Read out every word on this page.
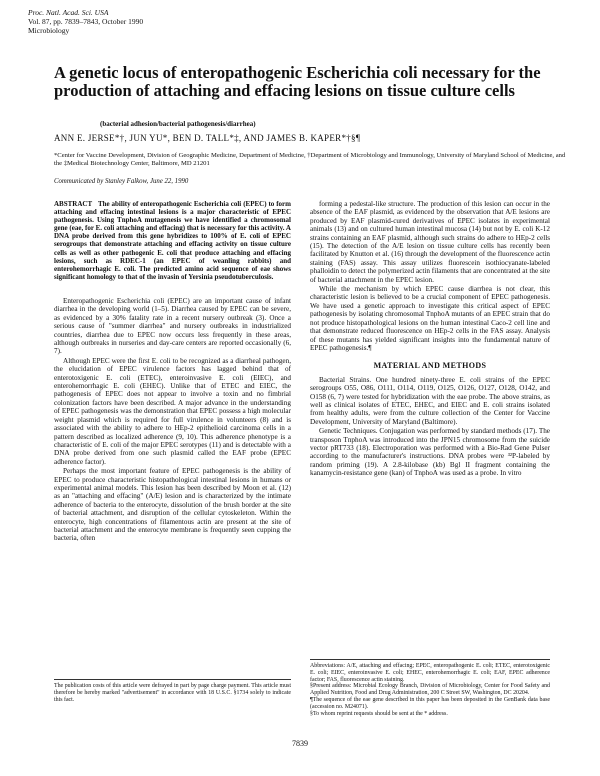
Proc. Natl. Acad. Sci. USA
Vol. 87, pp. 7839–7843, October 1990
Microbiology
A genetic locus of enteropathogenic Escherichia coli necessary for the production of attaching and effacing lesions on tissue culture cells
(bacterial adhesion/bacterial pathogenesis/diarrhea)
ANN E. JERSE*†, JUN YU*, BEN D. TALL*‡, AND JAMES B. KAPER*†§¶
*Center for Vaccine Development, Division of Geographic Medicine, Department of Medicine, †Department of Microbiology and Immunology, University of Maryland School of Medicine, and the ‡Medical Biotechnology Center, Baltimore, MD 21201
Communicated by Stanley Falkow, June 22, 1990

ABSTRACT The ability of enteropathogenic Escherichia coli (EPEC) to form attaching and effacing intestinal lesions is a major characteristic of EPEC pathogenesis. Using TnphoA mutagenesis we have identified a chromosomal gene (eae, for E. coli attaching and effacing) that is necessary for this activity. A DNA probe derived from this gene hybridizes to 100% of E. coli of EPEC serogroups that demonstrate attaching and effacing activity on tissue culture cells as well as other pathogenic E. coli that produce attaching and effacing lesions, such as RDEC-1 (an EPEC of weanling rabbits) and enterohemorrhagic E. coli. The predicted amino acid sequence of eae shows significant homology to that of the invasin of Yersinia pseudotuberculosis.

Enteropathogenic Escherichia coli (EPEC) are an important cause of infant diarrhea in the developing world (1–5). Diarrhea caused by EPEC can be severe, as evidenced by a 30% fatality rate in a recent nursery outbreak (3). Once a serious cause of "summer diarrhea" and nursery outbreaks in industrialized countries, diarrhea due to EPEC now occurs less frequently in these areas, although outbreaks in nurseries and day-care centers are reported occasionally (6, 7).

Although EPEC were the first E. coli to be recognized as a diarrheal pathogen, the elucidation of EPEC virulence factors has lagged behind that of enterotoxigenic E. coli (ETEC), enteroinvasive E. coli (EIEC), and enterohemorrhagic E. coli (EHEC). Unlike that of ETEC and EIEC, the pathogenesis of EPEC does not appear to involve a toxin and no fimbrial colonization factors have been described. A major advance in the understanding of EPEC pathogenesis was the demonstration that EPEC possess a high molecular weight plasmid which is required for full virulence in volunteers (8) and is associated with the ability to adhere to HEp-2 epithelioid carcinoma cells in a pattern described as localized adherence (9, 10). This adherence phenotype is a characteristic of E. coli of the major EPEC serotypes (11) and is detectable with a DNA probe derived from one such plasmid called the EAF probe (EPEC adherence factor).

Perhaps the most important feature of EPEC pathogenesis is the ability of EPEC to produce characteristic histopathological intestinal lesions in humans or experimental animal models. This lesion has been described by Moon et al. (12) as an "attaching and effacing" (A/E) lesion and is characterized by the intimate adherence of bacteria to the enterocyte, dissolution of the brush border at the site of bacterial attachment, and disruption of the cellular cytoskeleton. Within the enterocyte, high concentrations of filamentous actin are present at the site of bacterial attachment and the enterocyte membrane is frequently seen cupping the bacteria, often

forming a pedestal-like structure. The production of this lesion can occur in the absence of the EAF plasmid, as evidenced by the observation that A/E lesions are produced by EAF plasmid-cured derivatives of EPEC isolates in experimental animals (13) and on cultured human intestinal mucosa (14) but not by E. coli K-12 strains containing an EAF plasmid, although such strains do adhere to HEp-2 cells (15). The detection of the A/E lesion on tissue culture cells has recently been facilitated by Knutton et al. (16) through the development of the fluorescence actin staining (FAS) assay. This assay utilizes fluorescein isothiocyanate-labeled phalloidin to detect the polymerized actin filaments that are concentrated at the site of bacterial attachment in the EPEC lesion.

While the mechanism by which EPEC cause diarrhea is not clear, this characteristic lesion is believed to be a crucial component of EPEC pathogenesis. We have used a genetic approach to investigate this critical aspect of EPEC pathogenesis by isolating chromosomal TnphoA mutants of an EPEC strain that do not produce histopathological lesions on the human intestinal Caco-2 cell line and that demonstrate reduced fluorescence on HEp-2 cells in the FAS assay. Analysis of these mutants has yielded significant insights into the fundamental nature of EPEC pathogenesis.¶

MATERIAL AND METHODS

Bacterial Strains. One hundred ninety-three E. coli strains of the EPEC serogroups O55, O86, O111, O114, O119, O125, O126, O127, O128, O142, and O158 (6, 7) were tested for hybridization with the eae probe. The above strains, as well as clinical isolates of ETEC, EHEC, and EIEC and E. coli strains isolated from healthy adults, were from the culture collection of the Center for Vaccine Development, University of Maryland (Baltimore).

Genetic Techniques. Conjugation was performed by standard methods (17). The transposon TnphoA was introduced into the JPN15 chromosome from the suicide vector pRT733 (18). Electroporation was performed with a Bio-Rad Gene Pulser according to the manufacturer's instructions. DNA probes were ³²P-labeled by random priming (19). A 2.8-kilobase (kb) Bgl II fragment containing the kanamycin-resistance gene (kan) of TnphoA was used as a probe. In vitro

The publication costs of this article were defrayed in part by page charge payment. This article must therefore be hereby marked "advertisement" in accordance with 18 U.S.C. §1734 solely to indicate this fact.

Abbreviations: A/E, attaching and effacing; EPEC, enteropathogenic E. coli; ETEC, enterotoxigenic E. coli; EIEC, enteroinvasive E. coli; EHEC, enterohemorrhagic E. coli; EAF, EPEC adherence factor; FAS, fluorescence actin staining.

§Present address: Microbial Ecology Branch, Division of Microbiology, Center for Food Safety and Applied Nutrition, Food and Drug Administration, 200 C Street SW, Washington, DC 20204.

¶The sequence of the eae gene described in this paper has been deposited in the GenBank data base (accession no. M24071).

§To whom reprint requests should be sent at the * address.

7839
